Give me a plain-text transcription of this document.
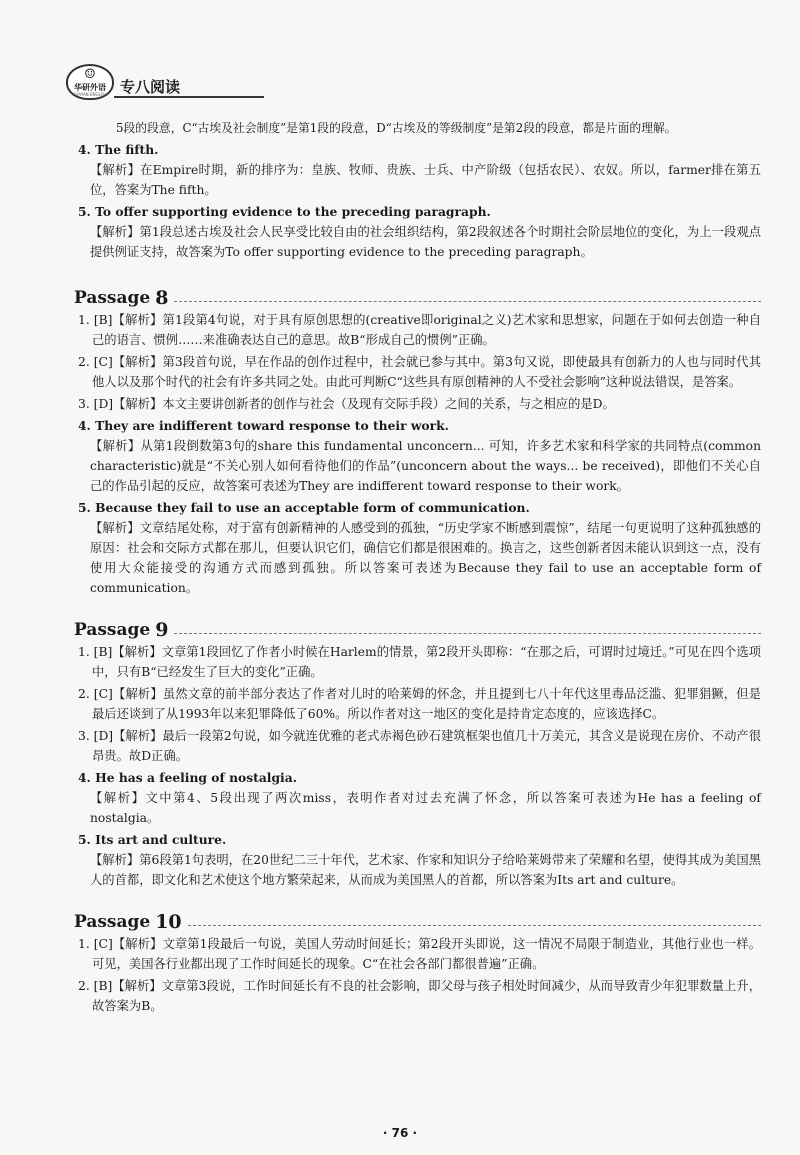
☺
华研外语
HUAYAN ENGLISH 专八阅读
5段的段意，C“古埃及社会制度”是第1段的段意，D“古埃及的等级制度”是第2段的段意，都是片面的理解。
4. The fifth.
【解析】在Empire时期，新的排序为：皇族、牧师、贵族、士兵、中产阶级（包括农民）、农奴。所以，farmer排在第五位，答案为The fifth。
5. To offer supporting evidence to the preceding paragraph.
【解析】第1段总述古埃及社会人民享受比较自由的社会组织结构，第2段叙述各个时期社会阶层地位的变化，为上一段观点提供例证支持，故答案为To offer supporting evidence to the preceding paragraph。
Passage 8
1. [B]【解析】第1段第4句说，对于具有原创思想的(creative即original之义)艺术家和思想家，问题在于如何去创造一种自己的语言、惯例……来准确表达自己的意思。故B“形成自己的惯例”正确。
2. [C]【解析】第3段首句说，早在作品的创作过程中，社会就已参与其中。第3句又说，即使最具有创新力的人也与同时代其他人以及那个时代的社会有许多共同之处。由此可判断C“这些具有原创精神的人不受社会影响”这种说法错误，是答案。
3. [D]【解析】本文主要讲创新者的创作与社会（及现有交际手段）之间的关系，与之相应的是D。
4. They are indifferent toward response to their work.
【解析】从第1段倒数第3句的share this fundamental unconcern... 可知，许多艺术家和科学家的共同特点(common characteristic)就是“不关心别人如何看待他们的作品”(unconcern about the ways... be received)，即他们不关心自己的作品引起的反应，故答案可表述为They are indifferent toward response to their work。
5. Because they fail to use an acceptable form of communication.
【解析】文章结尾处称，对于富有创新精神的人感受到的孤独，“历史学家不断感到震惊”，结尾一句更说明了这种孤独感的原因：社会和交际方式都在那儿，但要认识它们，确信它们都是很困难的。换言之，这些创新者因未能认识到这一点，没有使用大众能接受的沟通方式而感到孤独。所以答案可表述为Because they fail to use an acceptable form of communication。
Passage 9
1. [B]【解析】文章第1段回忆了作者小时候在Harlem的情景，第2段开头即称：“在那之后，可谓时过境迁。”可见在四个选项中，只有B“已经发生了巨大的变化”正确。
2. [C]【解析】虽然文章的前半部分表达了作者对儿时的哈莱姆的怀念，并且提到七八十年代这里毒品泛滥、犯罪猖獗，但是最后还谈到了从1993年以来犯罪降低了60%。所以作者对这一地区的变化是持肯定态度的，应该选择C。
3. [D]【解析】最后一段第2句说，如今就连优雅的老式赤褐色砂石建筑框架也值几十万美元，其含义是说现在房价、不动产很昂贵。故D正确。
4. He has a feeling of nostalgia.
【解析】文中第4、5段出现了两次miss，表明作者对过去充满了怀念，所以答案可表述为He has a feeling of nostalgia。
5. Its art and culture.
【解析】第6段第1句表明，在20世纪二三十年代，艺术家、作家和知识分子给哈莱姆带来了荣耀和名望，使得其成为美国黑人的首都，即文化和艺术使这个地方繁荣起来，从而成为美国黑人的首都，所以答案为Its art and culture。
Passage 10
1. [C]【解析】文章第1段最后一句说，美国人劳动时间延长；第2段开头即说，这一情况不局限于制造业，其他行业也一样。可见，美国各行业都出现了工作时间延长的现象。C“在社会各部门都很普遍”正确。
2. [B]【解析】文章第3段说，工作时间延长有不良的社会影响，即父母与孩子相处时间减少，从而导致青少年犯罪数量上升，故答案为B。
· 76 ·
